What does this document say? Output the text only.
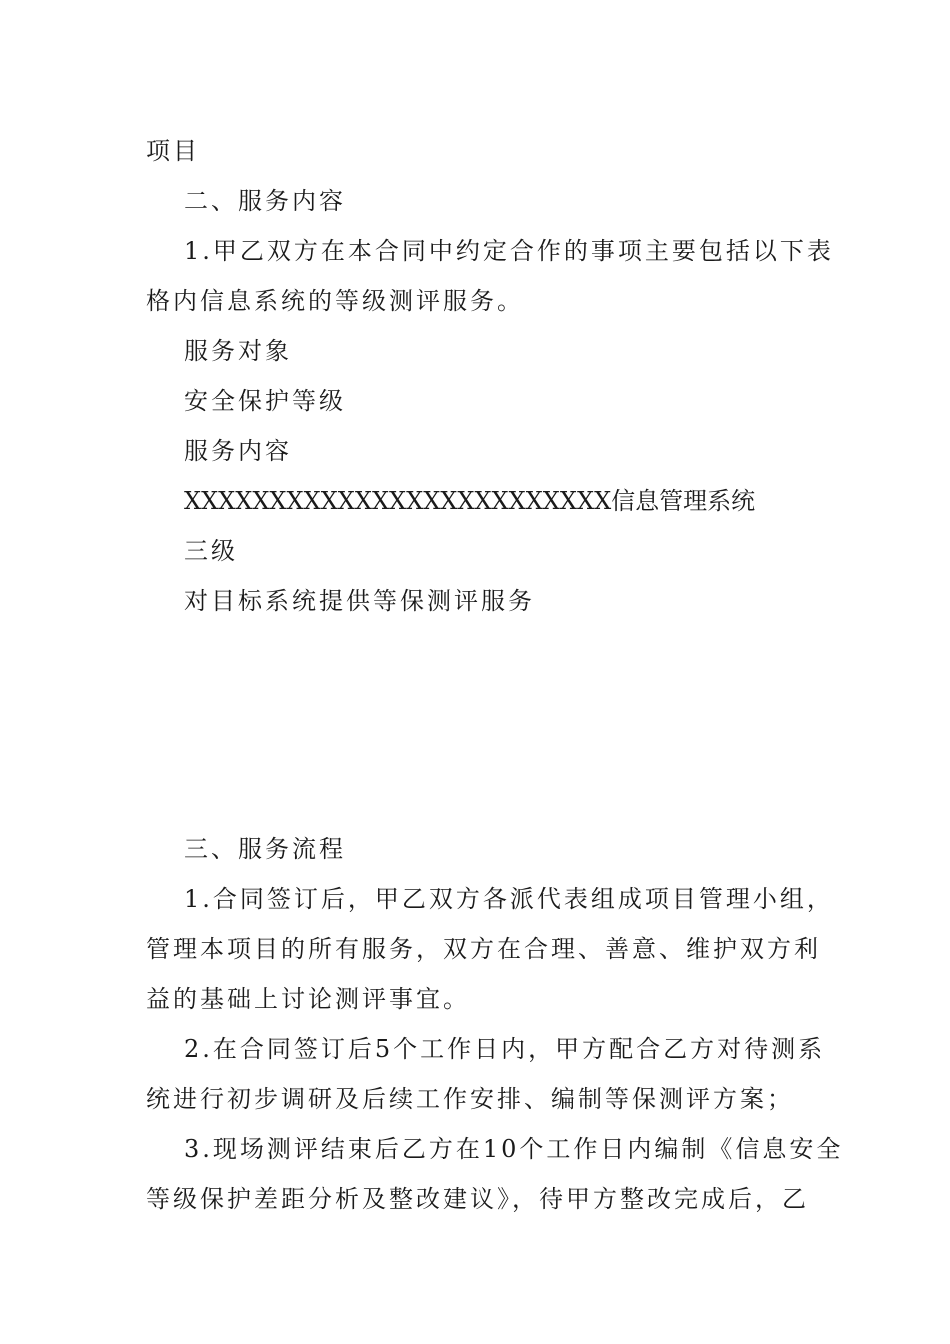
项目
二、服务内容
1.甲乙双方在本合同中约定合作的事项主要包括以下表
格内信息系统的等级测评服务。
服务对象
安全保护等级
服务内容
XXXXXXXXXXXXXXXXXXXXXXXXX信息管理系统
三级
对目标系统提供等保测评服务
三、服务流程
1.合同签订后，甲乙双方各派代表组成项目管理小组，
管理本项目的所有服务，双方在合理、善意、维护双方利
益的基础上讨论测评事宜。
2.在合同签订后5个工作日内，甲方配合乙方对待测系
统进行初步调研及后续工作安排、编制等保测评方案；
3.现场测评结束后乙方在10个工作日内编制《信息安全
等级保护差距分析及整改建议》，待甲方整改完成后，乙
